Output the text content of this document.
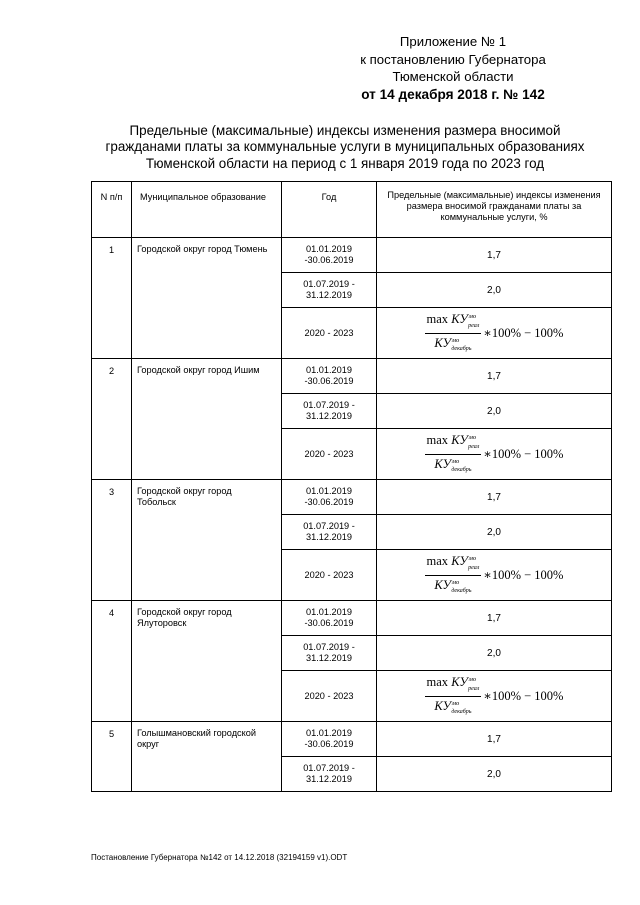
Приложение № 1
к постановлению Губернатора
Тюменской области
от 14 декабря 2018 г. № 142
Предельные (максимальные) индексы изменения размера вносимой гражданами платы за коммунальные услуги в муниципальных образованиях Тюменской области на период с 1 января 2019 года по 2023 год
N п/п	Муниципальное образование	Год	Предельные (максимальные) индексы изменения размера вносимой гражданами платы за коммунальные услуги, %
1	Городской округ город Тюмень	01.01.2019 -30.06.2019	1,7
		01.07.2019 - 31.12.2019	2,0
		2020 - 2023	$\frac{\max КУ^{мо}_{реал}}{КУ^{мо}_{декабрь}}$ ∗100% − 100%

2	Городской округ город Ишим	01.01.2019 -30.06.2019	1,7
		01.07.2019 - 31.12.2019	2,0
		2020 - 2023	$\frac{\max КУ^{мо}_{реал}}{КУ^{мо}_{декабрь}}$ ∗100% − 100%

3	Городской округ город Тобольск	01.01.2019 -30.06.2019	1,7
		01.07.2019 - 31.12.2019	2,0
		2020 - 2023	$\frac{\max КУ^{мо}_{реал}}{КУ^{мо}_{декабрь}}$ ∗100% − 100%

4	Городской округ город Ялуторовск	01.01.2019 -30.06.2019	1,7
		01.07.2019 - 31.12.2019	2,0
		2020 - 2023	$\frac{\max КУ^{мо}_{реал}}{КУ^{мо}_{декабрь}}$ ∗100% − 100%

5	Голышмановский городской округ	01.01.2019 -30.06.2019	1,7
		01.07.2019 - 31.12.2019	2,0
Постановление Губернатора №142 от 14.12.2018 (32194159 v1).ODT
